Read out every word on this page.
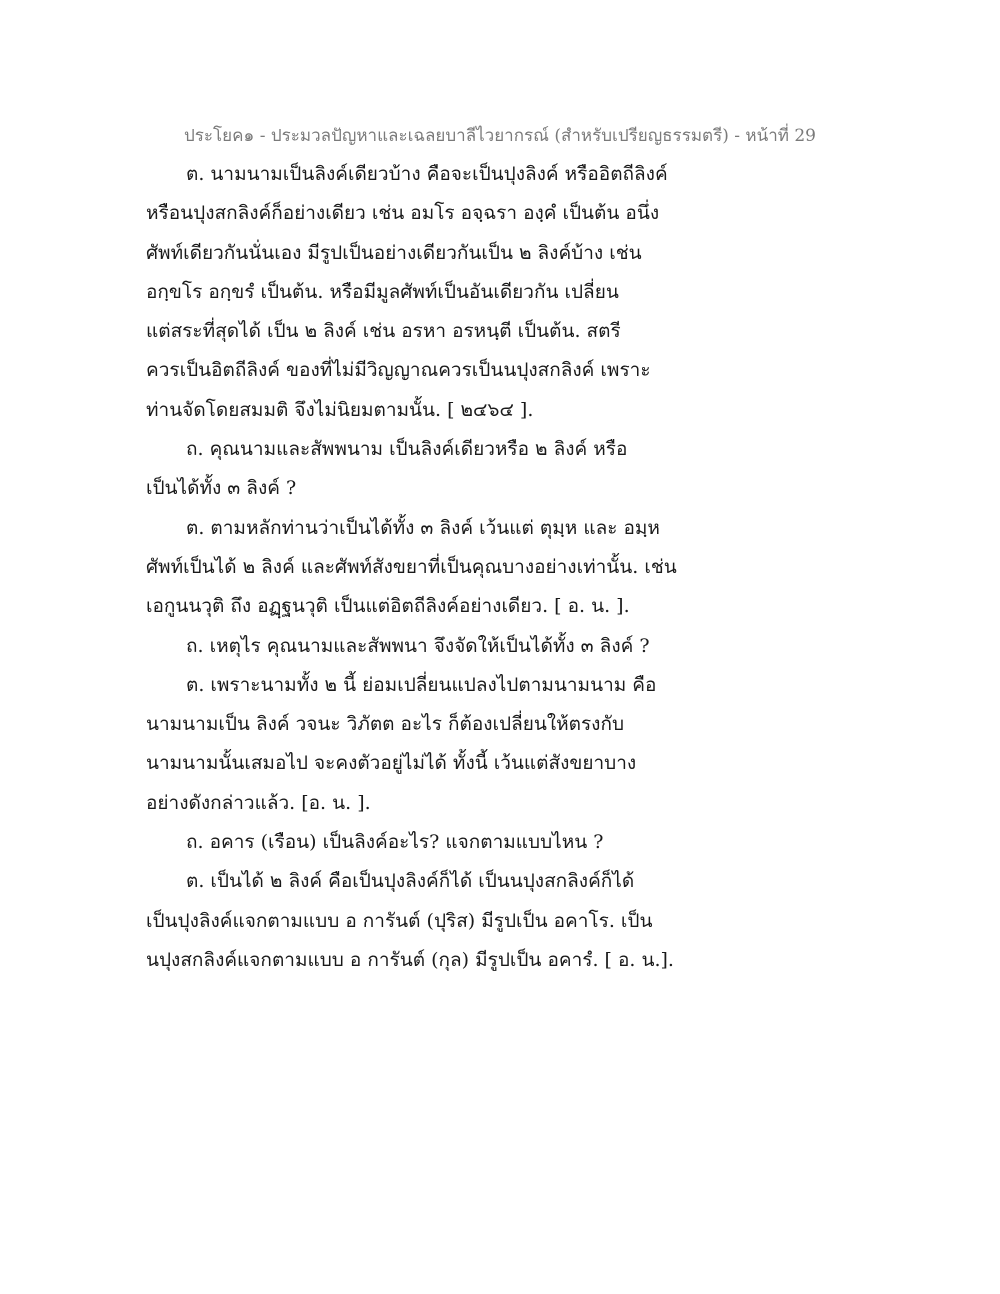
ประโยค๑ - ประมวลปัญหาและเฉลยบาลีไวยากรณ์ (สำหรับเปรียญธรรมตรี) - หน้าที่ 29
ต. นามนามเป็นลิงค์เดียวบ้าง คือจะเป็นปุงลิงค์ หรืออิตถีลิงค์
หรือนปุงสกลิงค์ก็อย่างเดียว เช่น อมโร อจฺฉรา องฺคํ เป็นต้น อนึ่ง
ศัพท์เดียวกันนั่นเอง มีรูปเป็นอย่างเดียวกันเป็น ๒ ลิงค์บ้าง เช่น
อกฺขโร อกฺขรํ เป็นต้น. หรือมีมูลศัพท์เป็นอันเดียวกัน เปลี่ยน
แต่สระที่สุดได้ เป็น ๒ ลิงค์ เช่น อรหา อรหนฺตี เป็นต้น. สตรี
ควรเป็นอิตถีลิงค์ ของที่ไม่มีวิญญาณควรเป็นนปุงสกลิงค์ เพราะ
ท่านจัดโดยสมมติ จึงไม่นิยมตามนั้น. [ ๒๔๖๔ ].
ถ. คุณนามและสัพพนาม เป็นลิงค์เดียวหรือ ๒ ลิงค์ หรือ
เป็นได้ทั้ง ๓ ลิงค์ ?
ต. ตามหลักท่านว่าเป็นได้ทั้ง ๓ ลิงค์ เว้นแต่ ตุมฺห และ อมฺห
ศัพท์เป็นได้ ๒ ลิงค์ และศัพท์สังขยาที่เป็นคุณบางอย่างเท่านั้น. เช่น
เอกูนนวุติ ถึง อฏฺฐนวุติ เป็นแต่อิตถีลิงค์อย่างเดียว. [ อ. น. ].
ถ. เหตุไร คุณนามและสัพพนา จึงจัดให้เป็นได้ทั้ง ๓ ลิงค์ ?
ต. เพราะนามทั้ง ๒ นี้ ย่อมเปลี่ยนแปลงไปตามนามนาม คือ
นามนามเป็น ลิงค์ วจนะ วิภัตต อะไร ก็ต้องเปลี่ยนให้ตรงกับ
นามนามนั้นเสมอไป จะคงตัวอยู่ไม่ได้ ทั้งนี้ เว้นแต่สังขยาบาง
อย่างดังกล่าวแล้ว. [อ. น. ].
ถ. อคาร (เรือน) เป็นลิงค์อะไร? แจกตามแบบไหน ?
ต. เป็นได้ ๒ ลิงค์ คือเป็นปุงลิงค์ก็ได้ เป็นนปุงสกลิงค์ก็ได้
เป็นปุงลิงค์แจกตามแบบ อ การันต์ (ปุริส) มีรูปเป็น อคาโร. เป็น
นปุงสกลิงค์แจกตามแบบ อ การันต์ (กุล) มีรูปเป็น อคารํ. [ อ. น.].
